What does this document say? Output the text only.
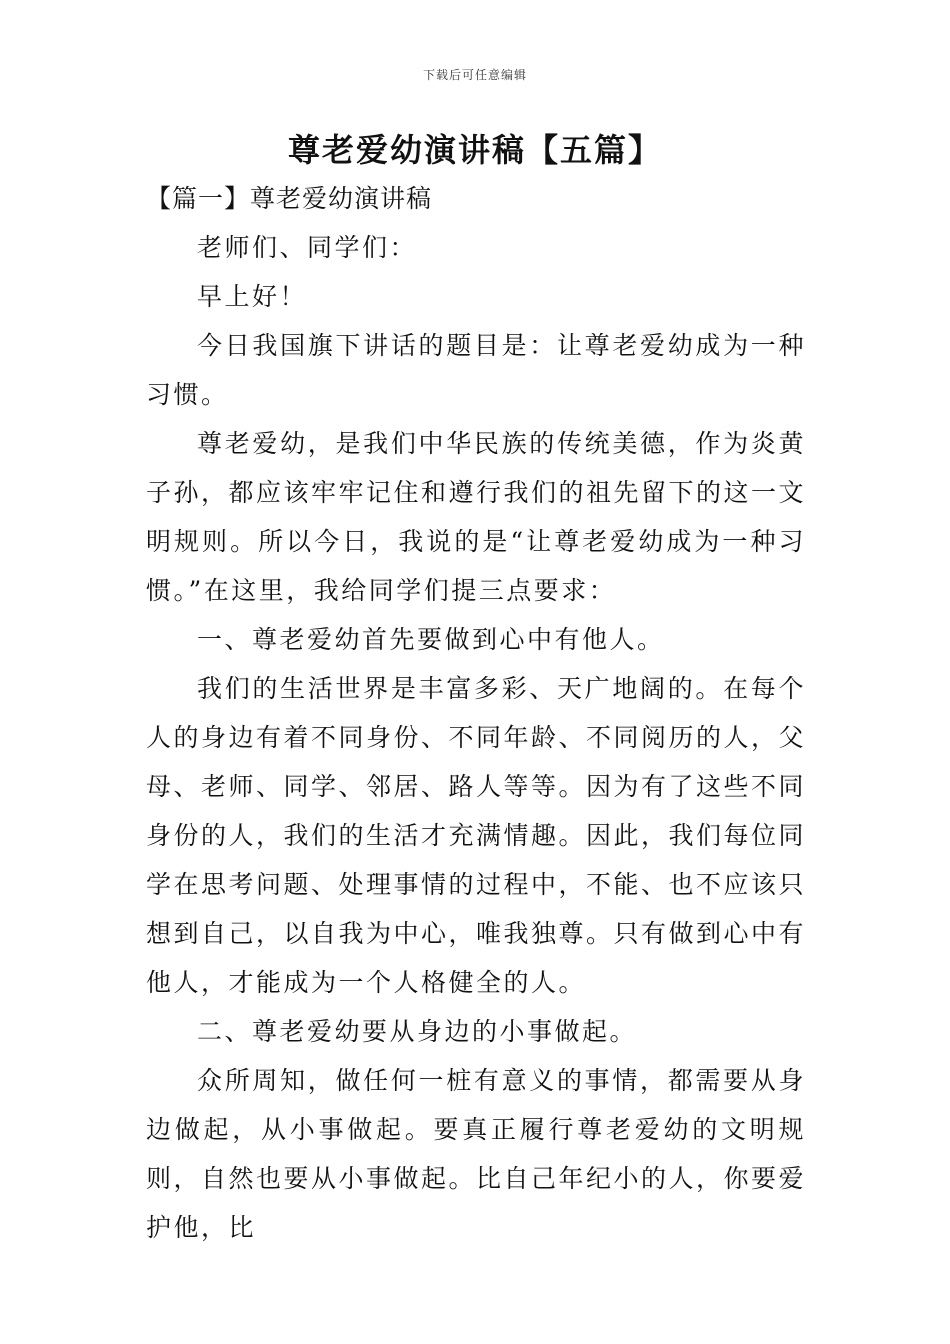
下载后可任意编辑
尊老爱幼演讲稿【五篇】

【篇一】尊老爱幼演讲稿

老师们、同学们：

早上好！

今日我国旗下讲话的题目是：让尊老爱幼成为一种习惯。

尊老爱幼，是我们中华民族的传统美德，作为炎黄子孙，都应该牢牢记住和遵行我们的祖先留下的这一文明规则。所以今日，我说的是“让尊老爱幼成为一种习惯。”在这里，我给同学们提三点要求：

一、尊老爱幼首先要做到心中有他人。

我们的生活世界是丰富多彩、天广地阔的。在每个人的身边有着不同身份、不同年龄、不同阅历的人，父母、老师、同学、邻居、路人等等。因为有了这些不同身份的人，我们的生活才充满情趣。因此，我们每位同学在思考问题、处理事情的过程中，不能、也不应该只想到自己，以自我为中心，唯我独尊。只有做到心中有他人，才能成为一个人格健全的人。

二、尊老爱幼要从身边的小事做起。

众所周知，做任何一桩有意义的事情，都需要从身边做起，从小事做起。要真正履行尊老爱幼的文明规则，自然也要从小事做起。比自己年纪小的人，你要爱护他，比
